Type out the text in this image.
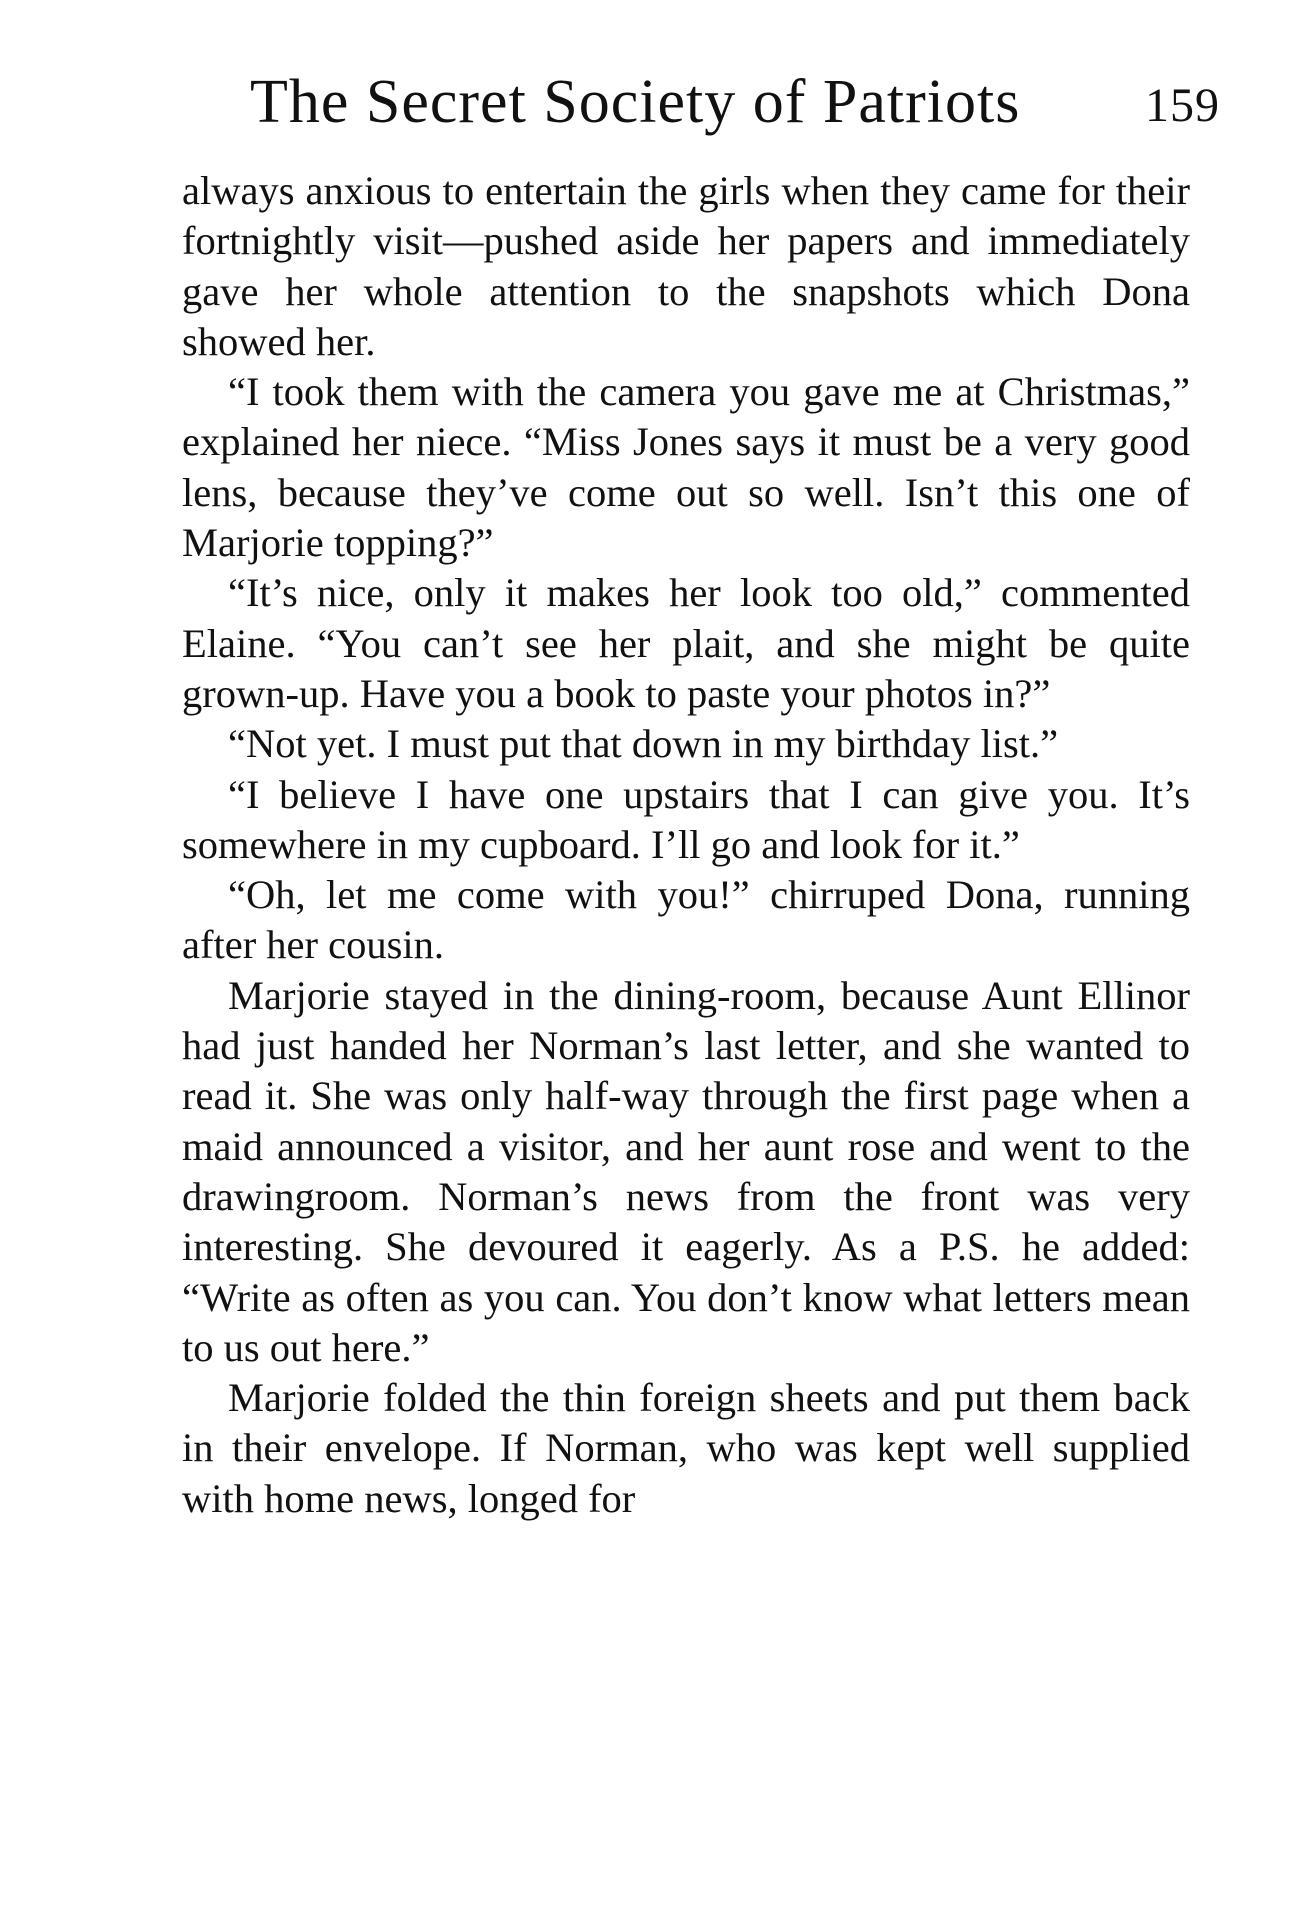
The Secret Society of Patriots	159

always anxious to entertain the girls when they came for their fortnightly visit—pushed aside her papers and immediately gave her whole attention to the snapshots which Dona showed her.

“I took them with the camera you gave me at Christmas,” explained her niece. “Miss Jones says it must be a very good lens, because they’ve come out so well. Isn’t this one of Marjorie topping?”

“It’s nice, only it makes her look too old,” commented Elaine. “You can’t see her plait, and she might be quite grown-up. Have you a book to paste your photos in?”

“Not yet. I must put that down in my birthday list.”

“I believe I have one upstairs that I can give you. It’s somewhere in my cupboard. I’ll go and look for it.”

“Oh, let me come with you!” chirruped Dona, running after her cousin.

Marjorie stayed in the dining-room, because Aunt Ellinor had just handed her Norman’s last letter, and she wanted to read it. She was only half-way through the first page when a maid announced a visitor, and her aunt rose and went to the drawingroom. Norman’s news from the front was very interesting. She devoured it eagerly. As a P.S. he added: “Write as often as you can. You don’t know what letters mean to us out here.”

Marjorie folded the thin foreign sheets and put them back in their envelope. If Norman, who was kept well supplied with home news, longed for
